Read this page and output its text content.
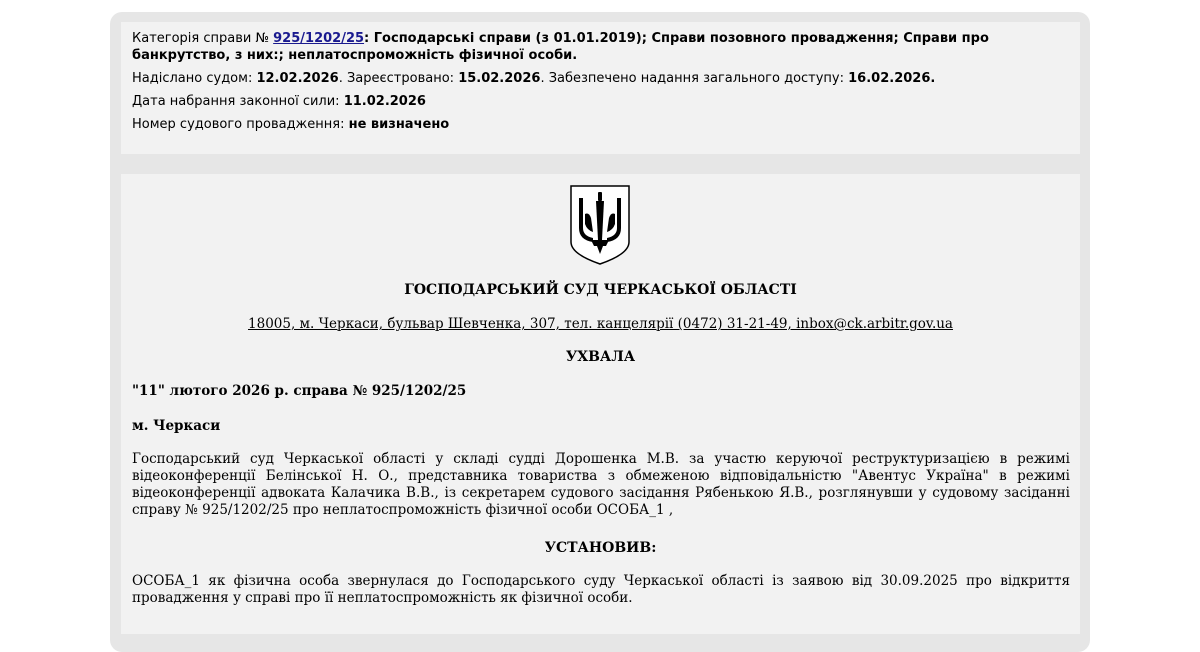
Категорія справи № 925/1202/25: Господарські справи (з 01.01.2019); Справи позовного провадження; Справи про банкрутство, з них:; неплатоспроможність фізичної особи.

Надіслано судом: 12.02.2026. Зареєстровано: 15.02.2026. Забезпечено надання загального доступу: 16.02.2026.

Дата набрання законної сили: 11.02.2026

Номер судового провадження: не визначено

ГОСПОДАРСЬКИЙ СУД ЧЕРКАСЬКОЇ ОБЛАСТІ
18005, м. Черкаси, бульвар Шевченка, 307, тел. канцелярії (0472) 31-21-49, inbox@ck.arbitr.gov.ua
УХВАЛА
"11" лютого 2026 р. справа № 925/1202/25
м. Черкаси

Господарський суд Черкаської області у складі судді Дорошенка М.В. за участю керуючої реструктуризацією в режимі відеоконференції Белінської Н. О., представника товариства з обмеженою відповідальністю "Авентус Україна" в режимі відеоконференції адвоката Калачика В.В., із секретарем судового засідання Рябенькою Я.В., розглянувши у судовому засіданні справу № 925/1202/25 про неплатоспроможність фізичної особи ОСОБА_1 ,

УСТАНОВИВ:

ОСОБА_1 як фізична особа звернулася до Господарського суду Черкаської області із заявою від 30.09.2025 про відкриття провадження у справі про її неплатоспроможність як фізичної особи.
